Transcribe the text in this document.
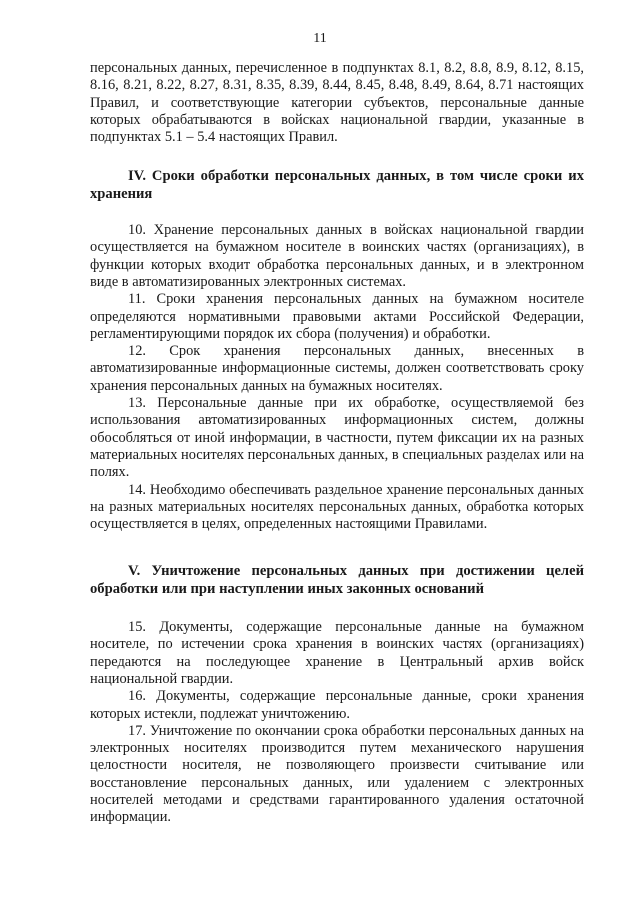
11

персональных данных, перечисленное в подпунктах 8.1, 8.2, 8.8, 8.9, 8.12, 8.15, 8.16, 8.21, 8.22, 8.27, 8.31, 8.35, 8.39, 8.44, 8.45, 8.48, 8.49, 8.64, 8.71 настоящих Правил, и соответствующие категории субъектов, персональные данные которых обрабатываются в войсках национальной гвардии, указанные в подпунктах 5.1 – 5.4 настоящих Правил.

IV. Сроки обработки персональных данных, в том числе сроки их хранения

10. Хранение персональных данных в войсках национальной гвардии осуществляется на бумажном носителе в воинских частях (организациях), в функции которых входит обработка персональных данных, и в электронном виде в автоматизированных электронных системах.

11. Сроки хранения персональных данных на бумажном носителе определяются нормативными правовыми актами Российской Федерации, регламентирующими порядок их сбора (получения) и обработки.

12. Срок хранения персональных данных, внесенных в автоматизированные информационные системы, должен соответствовать сроку хранения персональных данных на бумажных носителях.

13. Персональные данные при их обработке, осуществляемой без использования автоматизированных информационных систем, должны обособляться от иной информации, в частности, путем фиксации их на разных материальных носителях персональных данных, в специальных разделах или на полях.

14. Необходимо обеспечивать раздельное хранение персональных данных на разных материальных носителях персональных данных, обработка которых осуществляется в целях, определенных настоящими Правилами.

V. Уничтожение персональных данных при достижении целей обработки или при наступлении иных законных оснований

15. Документы, содержащие персональные данные на бумажном носителе, по истечении срока хранения в воинских частях (организациях) передаются на последующее хранение в Центральный архив войск национальной гвардии.

16. Документы, содержащие персональные данные, сроки хранения которых истекли, подлежат уничтожению.

17. Уничтожение по окончании срока обработки персональных данных на электронных носителях производится путем механического нарушения целостности носителя, не позволяющего произвести считывание или восстановление персональных данных, или удалением с электронных носителей методами и средствами гарантированного удаления остаточной информации.
